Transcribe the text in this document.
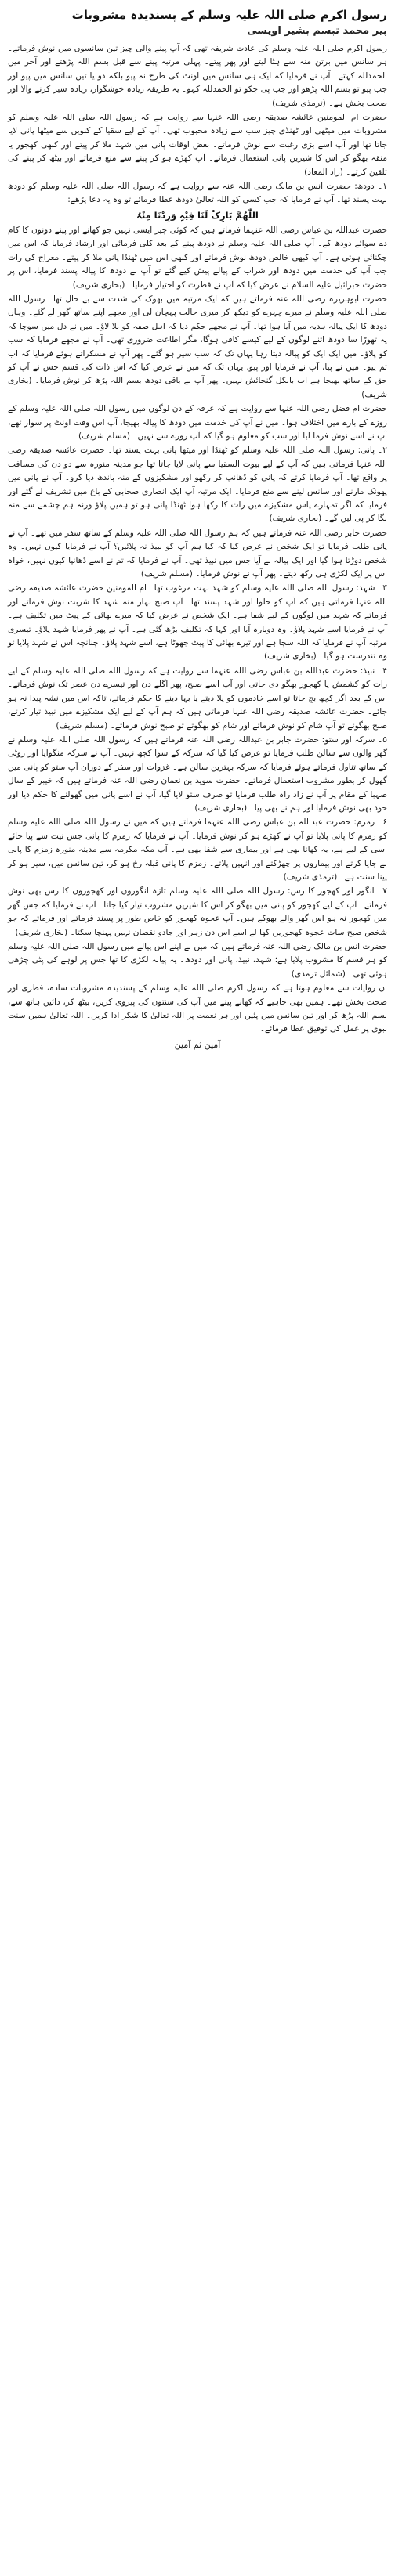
رسول اکرم صلی اللہ علیہ وسلم کے پسندیدہ مشروبات
پیر محمد تبسم بشیر اویسی

رسول اکرم صلی اللہ علیہ وسلم کی عادت شریفہ تھی کہ آپ پینے والی چیز تین سانسوں میں نوش فرماتے۔ ہر سانس میں برتن منہ سے ہٹا لیتے اور پھر پیتے۔ پہلی مرتبہ پینے سے قبل بسم اللہ پڑھتے اور آخر میں الحمدللہ کہتے۔ آپ نے فرمایا کہ ایک ہی سانس میں اونٹ کی طرح نہ پیو بلکہ دو یا تین سانس میں پیو اور جب پیو تو بسم اللہ پڑھو اور جب پی چکو تو الحمدللہ کہو۔ یہ طریقہ زیادہ خوشگوار، زیادہ سیر کرنے والا اور صحت بخش ہے۔ (ترمذی شریف)

حضرت ام المومنین عائشہ صدیقہ رضی اللہ عنہا سے روایت ہے کہ رسول اللہ صلی اللہ علیہ وسلم کو مشروبات میں میٹھی اور ٹھنڈی چیز سب سے زیادہ محبوب تھی۔ آپ کے لیے سقیا کے کنویں سے میٹھا پانی لایا جاتا تھا اور آپ اسے بڑی رغبت سے نوش فرماتے۔ بعض اوقات پانی میں شہد ملا کر پیتے اور کبھی کھجور یا منقہ بھگو کر اس کا شیریں پانی استعمال فرماتے۔ آپ کھڑے ہو کر پینے سے منع فرماتے اور بیٹھ کر پینے کی تلقین کرتے۔ (زاد المعاد)

۱۔ دودھ: حضرت انس بن مالک رضی اللہ عنہ سے روایت ہے کہ رسول اللہ صلی اللہ علیہ وسلم کو دودھ بہت پسند تھا۔ آپ نے فرمایا کہ جب کسی کو اللہ تعالیٰ دودھ عطا فرمائے تو وہ یہ دعا پڑھے:

اللّٰھُمَّ بَارِکْ لَنَا فِیْہِ وَزِدْنَا مِنْہُ

حضرت عبداللہ بن عباس رضی اللہ عنہما فرماتے ہیں کہ کوئی چیز ایسی نہیں جو کھانے اور پینے دونوں کا کام دے سوائے دودھ کے۔ آپ صلی اللہ علیہ وسلم نے دودھ پینے کے بعد کلی فرمائی اور ارشاد فرمایا کہ اس میں چکنائی ہوتی ہے۔ آپ کبھی خالص دودھ نوش فرماتے اور کبھی اس میں ٹھنڈا پانی ملا کر پیتے۔ معراج کی رات جب آپ کی خدمت میں دودھ اور شراب کے پیالے پیش کیے گئے تو آپ نے دودھ کا پیالہ پسند فرمایا، اس پر حضرت جبرائیل علیہ السلام نے عرض کیا کہ آپ نے فطرت کو اختیار فرمایا۔ (بخاری شریف)

حضرت ابوہریرہ رضی اللہ عنہ فرماتے ہیں کہ ایک مرتبہ میں بھوک کی شدت سے بے حال تھا۔ رسول اللہ صلی اللہ علیہ وسلم نے میرے چہرے کو دیکھ کر میری حالت پہچان لی اور مجھے اپنے ساتھ گھر لے گئے۔ وہاں دودھ کا ایک پیالہ ہدیہ میں آیا ہوا تھا۔ آپ نے مجھے حکم دیا کہ اہل صفہ کو بلا لاؤ۔ میں نے دل میں سوچا کہ یہ تھوڑا سا دودھ اتنے لوگوں کے لیے کیسے کافی ہوگا، مگر اطاعت ضروری تھی۔ آپ نے مجھے فرمایا کہ سب کو پلاؤ۔ میں ایک ایک کو پیالہ دیتا رہا یہاں تک کہ سب سیر ہو گئے۔ پھر آپ نے مسکراتے ہوئے فرمایا کہ اب تم پیو۔ میں نے پیا، آپ نے فرمایا اور پیو، یہاں تک کہ میں نے عرض کیا کہ اس ذات کی قسم جس نے آپ کو حق کے ساتھ بھیجا ہے اب بالکل گنجائش نہیں۔ پھر آپ نے باقی دودھ بسم اللہ پڑھ کر نوش فرمایا۔ (بخاری شریف)

حضرت ام فضل رضی اللہ عنہا سے روایت ہے کہ عرفہ کے دن لوگوں میں رسول اللہ صلی اللہ علیہ وسلم کے روزے کے بارے میں اختلاف ہوا۔ میں نے آپ کی خدمت میں دودھ کا پیالہ بھیجا، آپ اس وقت اونٹ پر سوار تھے، آپ نے اسے نوش فرما لیا اور سب کو معلوم ہو گیا کہ آپ روزے سے نہیں۔ (مسلم شریف)

۲۔ پانی: رسول اللہ صلی اللہ علیہ وسلم کو ٹھنڈا اور میٹھا پانی بہت پسند تھا۔ حضرت عائشہ صدیقہ رضی اللہ عنہا فرماتی ہیں کہ آپ کے لیے بیوت السقیا سے پانی لایا جاتا تھا جو مدینہ منورہ سے دو دن کی مسافت پر واقع تھا۔ آپ فرمایا کرتے کہ پانی کو ڈھانپ کر رکھو اور مشکیزوں کے منہ باندھ دیا کرو۔ آپ نے پانی میں پھونک مارنے اور سانس لینے سے منع فرمایا۔ ایک مرتبہ آپ ایک انصاری صحابی کے باغ میں تشریف لے گئے اور فرمایا کہ اگر تمہارے پاس مشکیزے میں رات کا رکھا ہوا ٹھنڈا پانی ہو تو ہمیں پلاؤ ورنہ ہم چشمے سے منہ لگا کر پی لیں گے۔ (بخاری شریف)

حضرت جابر رضی اللہ عنہ فرماتے ہیں کہ ہم رسول اللہ صلی اللہ علیہ وسلم کے ساتھ سفر میں تھے۔ آپ نے پانی طلب فرمایا تو ایک شخص نے عرض کیا کہ کیا ہم آپ کو نبیذ نہ پلائیں؟ آپ نے فرمایا کیوں نہیں۔ وہ شخص دوڑتا ہوا گیا اور ایک پیالہ لے آیا جس میں نبیذ تھی۔ آپ نے فرمایا کہ تم نے اسے ڈھانپا کیوں نہیں، خواہ اس پر ایک لکڑی ہی رکھ دیتے۔ پھر آپ نے نوش فرمایا۔ (مسلم شریف)

۳۔ شہد: رسول اللہ صلی اللہ علیہ وسلم کو شہد بہت مرغوب تھا۔ ام المومنین حضرت عائشہ صدیقہ رضی اللہ عنہا فرماتی ہیں کہ آپ کو حلوا اور شہد پسند تھا۔ آپ صبح نہار منہ شہد کا شربت نوش فرماتے اور فرماتے کہ شہد میں لوگوں کے لیے شفا ہے۔ ایک شخص نے عرض کیا کہ میرے بھائی کے پیٹ میں تکلیف ہے۔ آپ نے فرمایا اسے شہد پلاؤ۔ وہ دوبارہ آیا اور کہا کہ تکلیف بڑھ گئی ہے۔ آپ نے پھر فرمایا شہد پلاؤ۔ تیسری مرتبہ آپ نے فرمایا کہ اللہ سچا ہے اور تیرے بھائی کا پیٹ جھوٹا ہے، اسے شہد پلاؤ۔ چنانچہ اس نے شہد پلایا تو وہ تندرست ہو گیا۔ (بخاری شریف)

۴۔ نبیذ: حضرت عبداللہ بن عباس رضی اللہ عنہما سے روایت ہے کہ رسول اللہ صلی اللہ علیہ وسلم کے لیے رات کو کشمش یا کھجور بھگو دی جاتی اور آپ اسے صبح، پھر اگلے دن اور تیسرے دن عصر تک نوش فرماتے۔ اس کے بعد اگر کچھ بچ جاتا تو اسے خادموں کو پلا دیتے یا بہا دینے کا حکم فرماتے، تاکہ اس میں نشہ پیدا نہ ہو جائے۔ حضرت عائشہ صدیقہ رضی اللہ عنہا فرماتی ہیں کہ ہم آپ کے لیے ایک مشکیزے میں نبیذ تیار کرتے، صبح بھگوتے تو آپ شام کو نوش فرماتے اور شام کو بھگوتے تو صبح نوش فرماتے۔ (مسلم شریف)

۵۔ سرکہ اور ستو: حضرت جابر بن عبداللہ رضی اللہ عنہ فرماتے ہیں کہ رسول اللہ صلی اللہ علیہ وسلم نے گھر والوں سے سالن طلب فرمایا تو عرض کیا گیا کہ سرکہ کے سوا کچھ نہیں۔ آپ نے سرکہ منگوایا اور روٹی کے ساتھ تناول فرماتے ہوئے فرمایا کہ سرکہ بہترین سالن ہے۔ غزوات اور سفر کے دوران آپ ستو کو پانی میں گھول کر بطور مشروب استعمال فرماتے۔ حضرت سوید بن نعمان رضی اللہ عنہ فرماتے ہیں کہ خیبر کے سال صہبا کے مقام پر آپ نے زاد راہ طلب فرمایا تو صرف ستو لایا گیا، آپ نے اسے پانی میں گھولنے کا حکم دیا اور خود بھی نوش فرمایا اور ہم نے بھی پیا۔ (بخاری شریف)

۶۔ زمزم: حضرت عبداللہ بن عباس رضی اللہ عنہما فرماتے ہیں کہ میں نے رسول اللہ صلی اللہ علیہ وسلم کو زمزم کا پانی پلایا تو آپ نے کھڑے ہو کر نوش فرمایا۔ آپ نے فرمایا کہ زمزم کا پانی جس نیت سے پیا جائے اسی کے لیے ہے، یہ کھانا بھی ہے اور بیماری سے شفا بھی ہے۔ آپ مکہ مکرمہ سے مدینہ منورہ زمزم کا پانی لے جایا کرتے اور بیماروں پر چھڑکتے اور انہیں پلاتے۔ زمزم کا پانی قبلہ رخ ہو کر، تین سانس میں، سیر ہو کر پینا سنت ہے۔ (ترمذی شریف)

۷۔ انگور اور کھجور کا رس: رسول اللہ صلی اللہ علیہ وسلم تازہ انگوروں اور کھجوروں کا رس بھی نوش فرماتے۔ آپ کے لیے کھجور کو پانی میں بھگو کر اس کا شیریں مشروب تیار کیا جاتا۔ آپ نے فرمایا کہ جس گھر میں کھجور نہ ہو اس گھر والے بھوکے ہیں۔ آپ عجوہ کھجور کو خاص طور پر پسند فرماتے اور فرماتے کہ جو شخص صبح سات عجوہ کھجوریں کھا لے اسے اس دن زہر اور جادو نقصان نہیں پہنچا سکتا۔ (بخاری شریف)

حضرت انس بن مالک رضی اللہ عنہ فرماتے ہیں کہ میں نے اپنے اس پیالے میں رسول اللہ صلی اللہ علیہ وسلم کو ہر قسم کا مشروب پلایا ہے؛ شہد، نبیذ، پانی اور دودھ۔ یہ پیالہ لکڑی کا تھا جس پر لوہے کی پٹی چڑھی ہوئی تھی۔ (شمائل ترمذی)

ان روایات سے معلوم ہوتا ہے کہ رسول اکرم صلی اللہ علیہ وسلم کے پسندیدہ مشروبات سادہ، فطری اور صحت بخش تھے۔ ہمیں بھی چاہیے کہ کھانے پینے میں آپ کی سنتوں کی پیروی کریں، بیٹھ کر، دائیں ہاتھ سے، بسم اللہ پڑھ کر اور تین سانس میں پئیں اور ہر نعمت پر اللہ تعالیٰ کا شکر ادا کریں۔ اللہ تعالیٰ ہمیں سنت نبوی پر عمل کی توفیق عطا فرمائے۔

آمین ثم آمین
